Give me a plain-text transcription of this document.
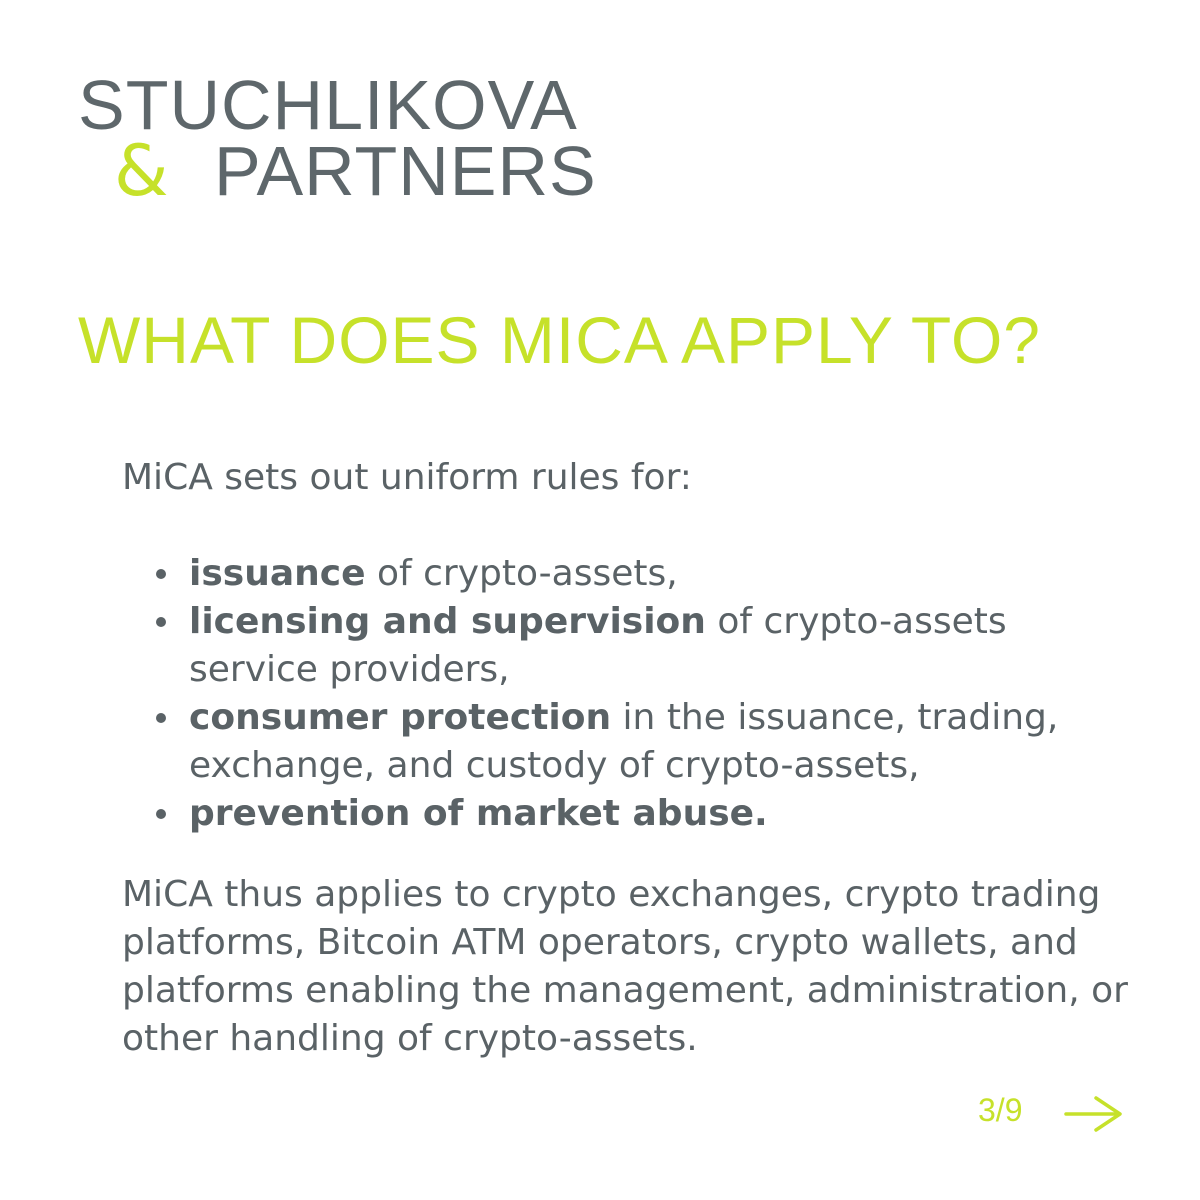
STUCHLIKOVA
& PARTNERS
WHAT DOES MICA APPLY TO?

MiCA sets out uniform rules for:

issuance of crypto-assets,
licensing and supervision of crypto-assets service providers,
consumer protection in the issuance, trading, exchange, and custody of crypto-assets,
prevention of market abuse.

MiCA thus applies to crypto exchanges, crypto trading platforms, Bitcoin ATM operators, crypto wallets, and platforms enabling the management, administration, or other handling of crypto-assets.

3/9
